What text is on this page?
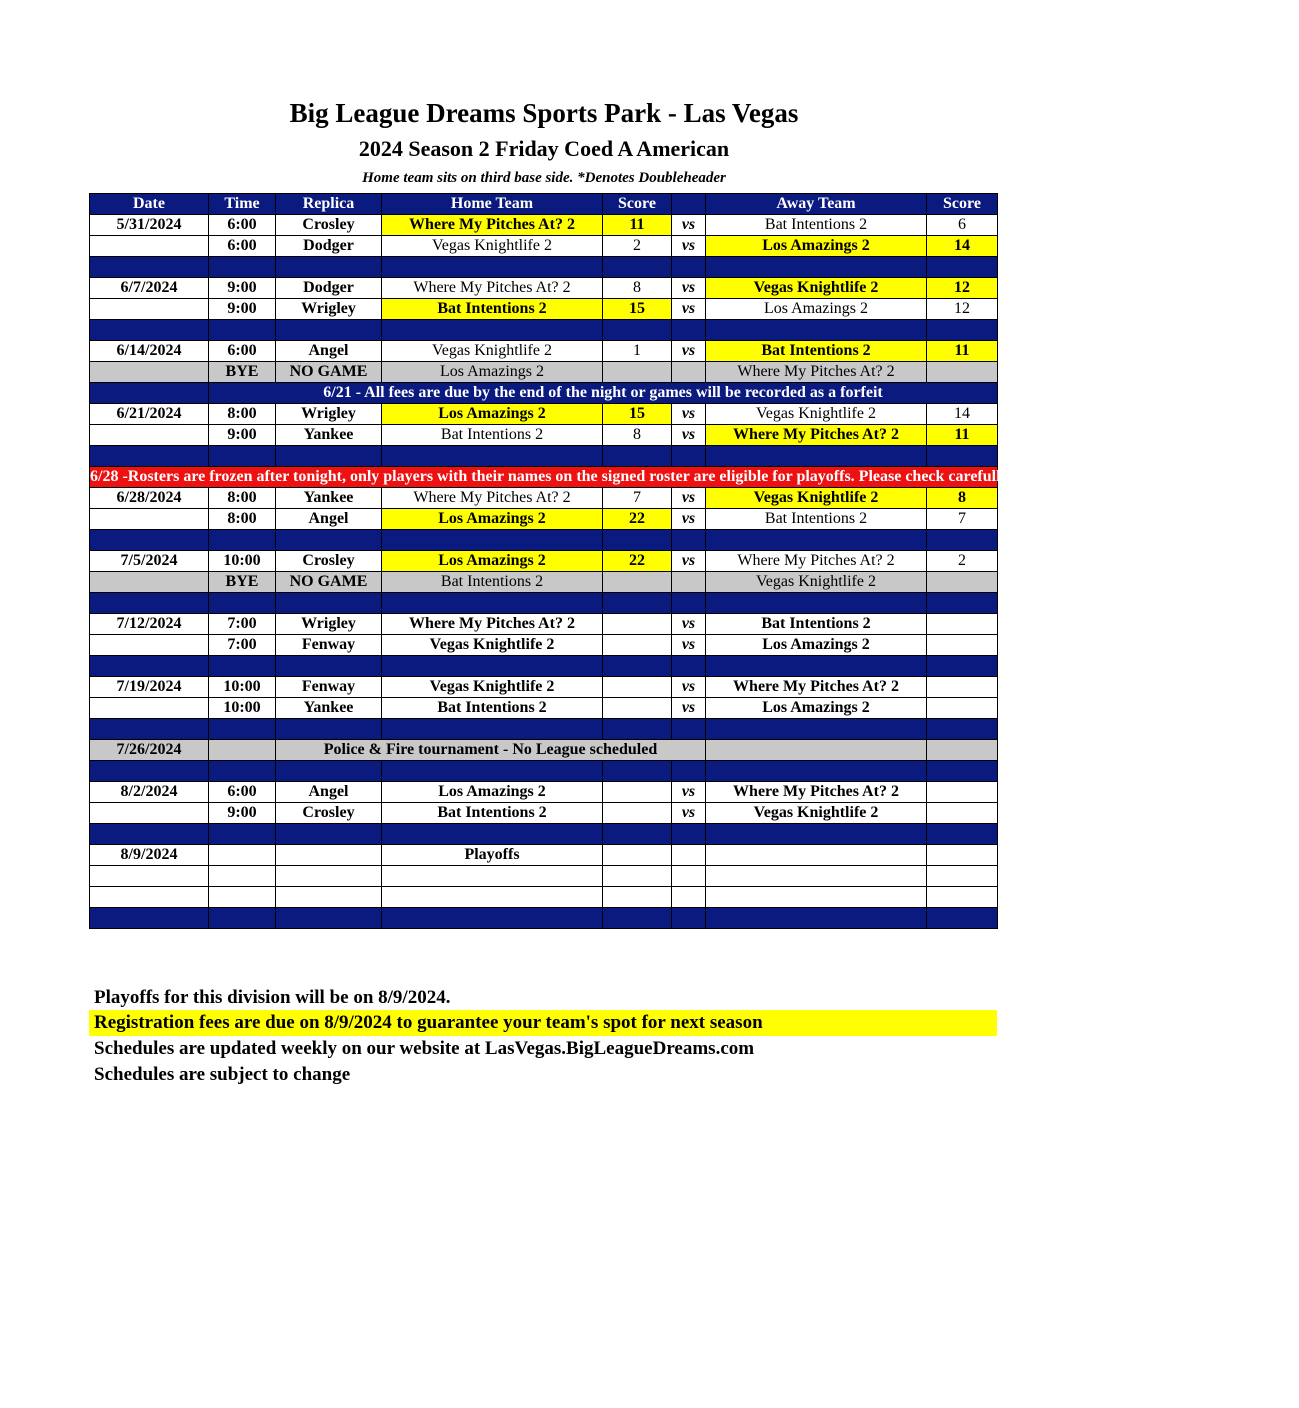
Big League Dreams Sports Park - Las Vegas
2024 Season 2 Friday Coed A American
Home team sits on third base side. *Denotes Doubleheader
Date	Time	Replica	Home Team	Score		Away Team	Score
5/31/2024	6:00	Crosley	Where My Pitches At? 2	11	vs	Bat Intentions 2	6
	6:00	Dodger	Vegas Knightlife 2	2	vs	Los Amazings 2	14

6/7/2024	9:00	Dodger	Where My Pitches At? 2	8	vs	Vegas Knightlife 2	12
	9:00	Wrigley	Bat Intentions 2	15	vs	Los Amazings 2	12

6/14/2024	6:00	Angel	Vegas Knightlife 2	1	vs	Bat Intentions 2	11
	BYE	NO GAME	Los Amazings 2			Where My Pitches At? 2	
	6/21 - All fees are due by the end of the night or games will be recorded as a forfeit						
6/21/2024	8:00	Wrigley	Los Amazings 2	15	vs	Vegas Knightlife 2	14
	9:00	Yankee	Bat Intentions 2	8	vs	Where My Pitches At? 2	11

6/28 -Rosters are frozen after tonight, only players with their names on the signed roster are eligible for playoffs. Please check carefully as changes will not be made for omissions.							
6/28/2024	8:00	Yankee	Where My Pitches At? 2	7	vs	Vegas Knightlife 2	8
	8:00	Angel	Los Amazings 2	22	vs	Bat Intentions 2	7

7/5/2024	10:00	Crosley	Los Amazings 2	22	vs	Where My Pitches At? 2	2
	BYE	NO GAME	Bat Intentions 2			Vegas Knightlife 2	

7/12/2024	7:00	Wrigley	Where My Pitches At? 2		vs	Bat Intentions 2	
	7:00	Fenway	Vegas Knightlife 2		vs	Los Amazings 2	

7/19/2024	10:00	Fenway	Vegas Knightlife 2		vs	Where My Pitches At? 2	
	10:00	Yankee	Bat Intentions 2		vs	Los Amazings 2	

7/26/2024		Police & Fire tournament - No League scheduled					

8/2/2024	6:00	Angel	Los Amazings 2		vs	Where My Pitches At? 2	
	9:00	Crosley	Bat Intentions 2		vs	Vegas Knightlife 2	

8/9/2024			Playoffs				

Playoffs for this division will be on 8/9/2024.
Registration fees are due on 8/9/2024 to guarantee your team's spot for next season
Schedules are updated weekly on our website at LasVegas.BigLeagueDreams.com
Schedules are subject to change
